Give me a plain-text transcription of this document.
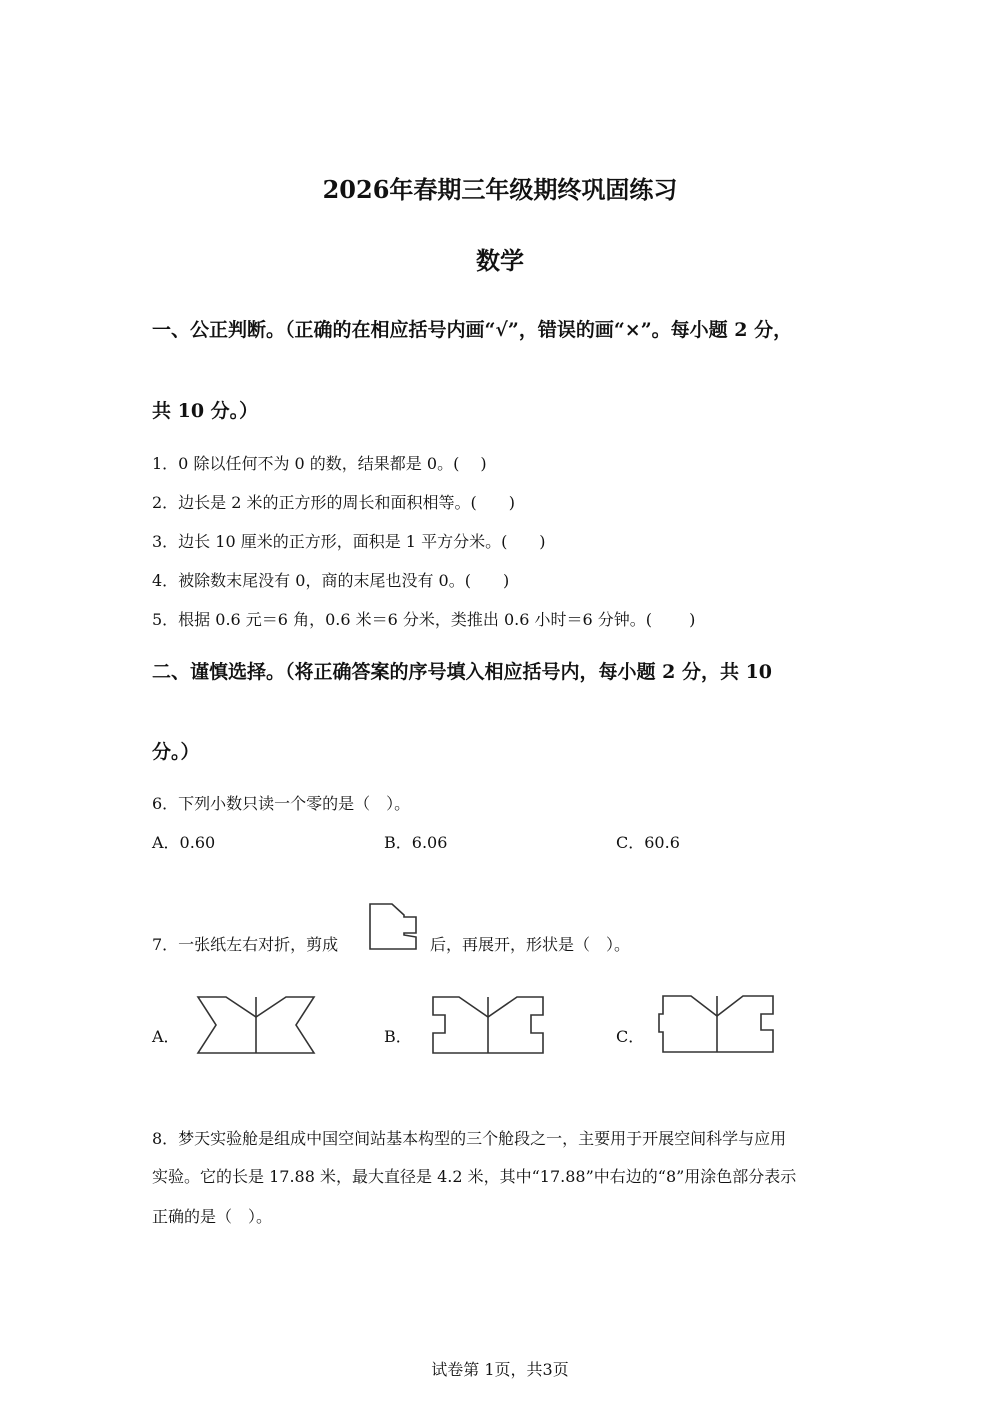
2026年春期三年级期终巩固练习
数学
一、公正判断。（正确的在相应括号内画“√”，错误的画“×”。每小题 2 分，
共 10 分。）
1．0 除以任何不为 0 的数，结果都是 0。(　 )
2．边长是 2 米的正方形的周长和面积相等。(　　)
3．边长 10 厘米的正方形，面积是 1 平方分米。(　　)
4．被除数末尾没有 0，商的末尾也没有 0。(　　)
5．根据 0.6 元＝6 角，0.6 米＝6 分米，类推出 0.6 小时＝6 分钟。(　　 )
二、谨慎选择。（将正确答案的序号填入相应括号内，每小题 2 分，共 10
分。）
6．下列小数只读一个零的是（　）。
A．0.60	B．6.06	C．60.6
7．一张纸左右对折，剪成	后，再展开，形状是（　）。
A．	B．	C．
8．梦天实验舱是组成中国空间站基本构型的三个舱段之一，主要用于开展空间科学与应用
实验。它的长是 17.88 米，最大直径是 4.2 米，其中“17.88”中右边的“8”用涂色部分表示
正确的是（　）。
试卷第 1页，共3页
